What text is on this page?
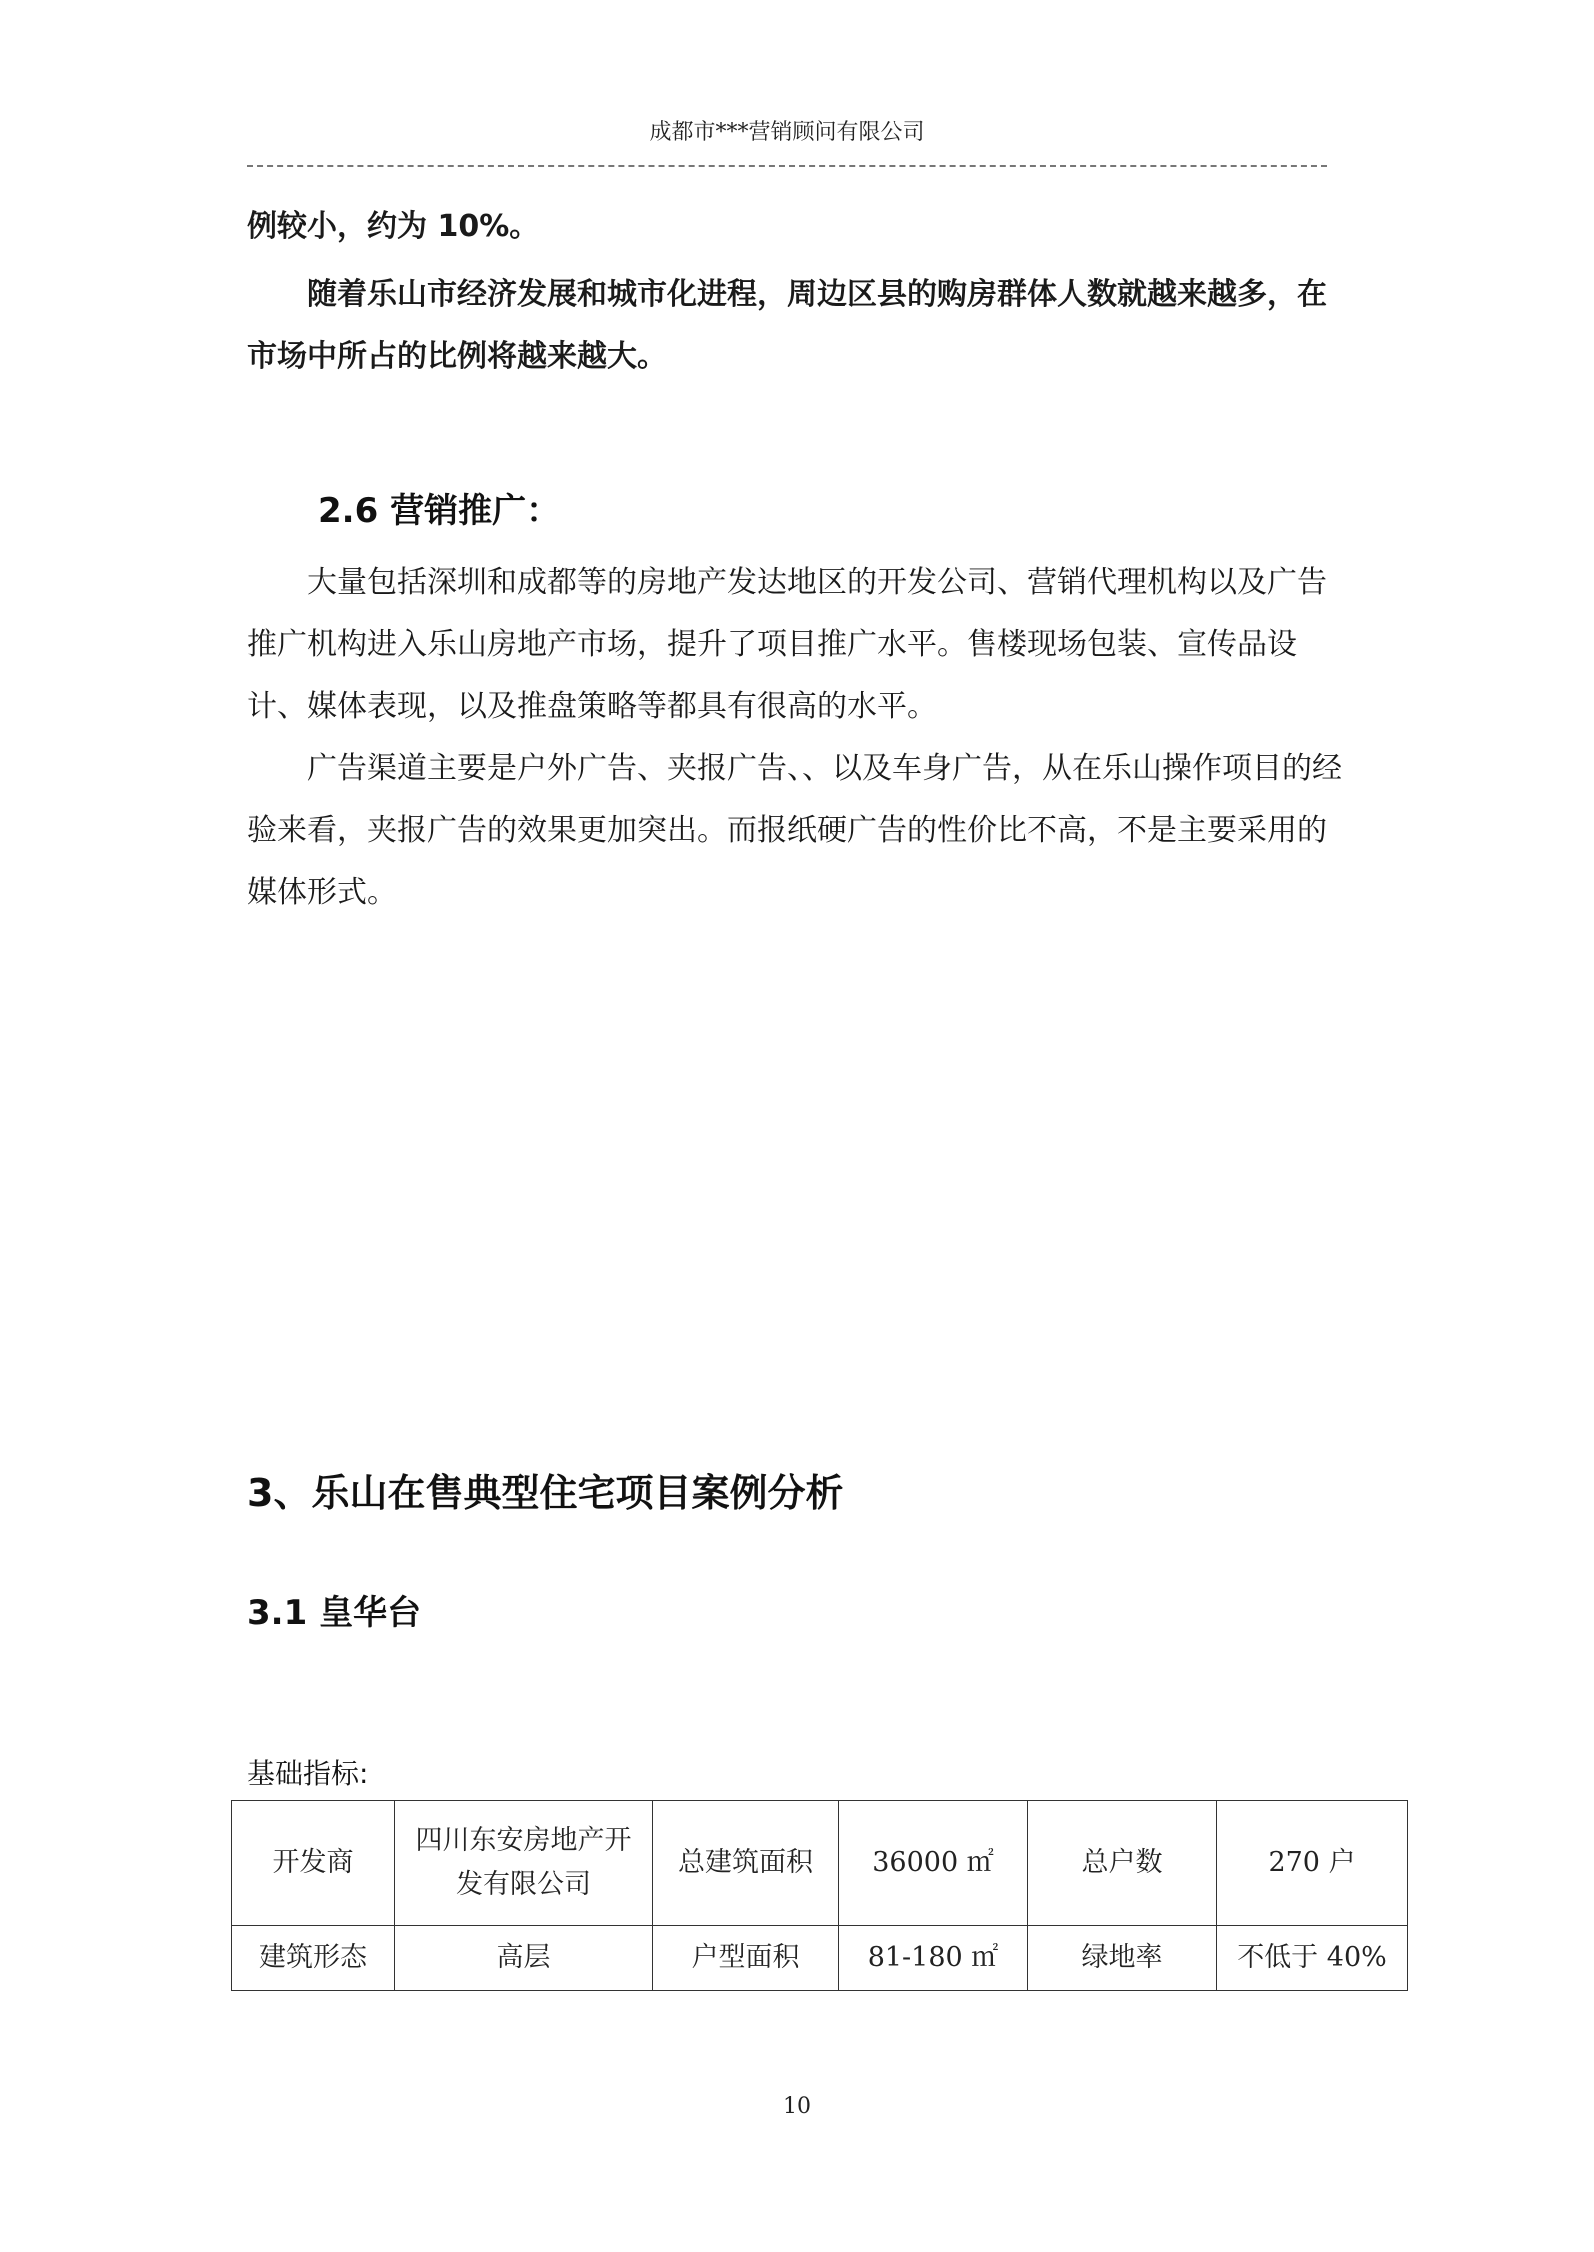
成都市***营销顾问有限公司

例较小，约为 10%。

随着乐山市经济发展和城市化进程，周边区县的购房群体人数就越来越多，在市场中所占的比例将越来越大。

2.6 营销推广：

大量包括深圳和成都等的房地产发达地区的开发公司、营销代理机构以及广告推广机构进入乐山房地产市场，提升了项目推广水平。售楼现场包装、宣传品设计、媒体表现，以及推盘策略等都具有很高的水平。

广告渠道主要是户外广告、夹报广告、、以及车身广告，从在乐山操作项目的经验来看，夹报广告的效果更加突出。而报纸硬广告的性价比不高，不是主要采用的媒体形式。

3、乐山在售典型住宅项目案例分析
3.1 皇华台
基础指标:
开发商	四川东安房地产开发有限公司	总建筑面积	36000 ㎡	总户数	270 户
建筑形态	高层	户型面积	81-180 ㎡	绿地率	不低于 40%
10
